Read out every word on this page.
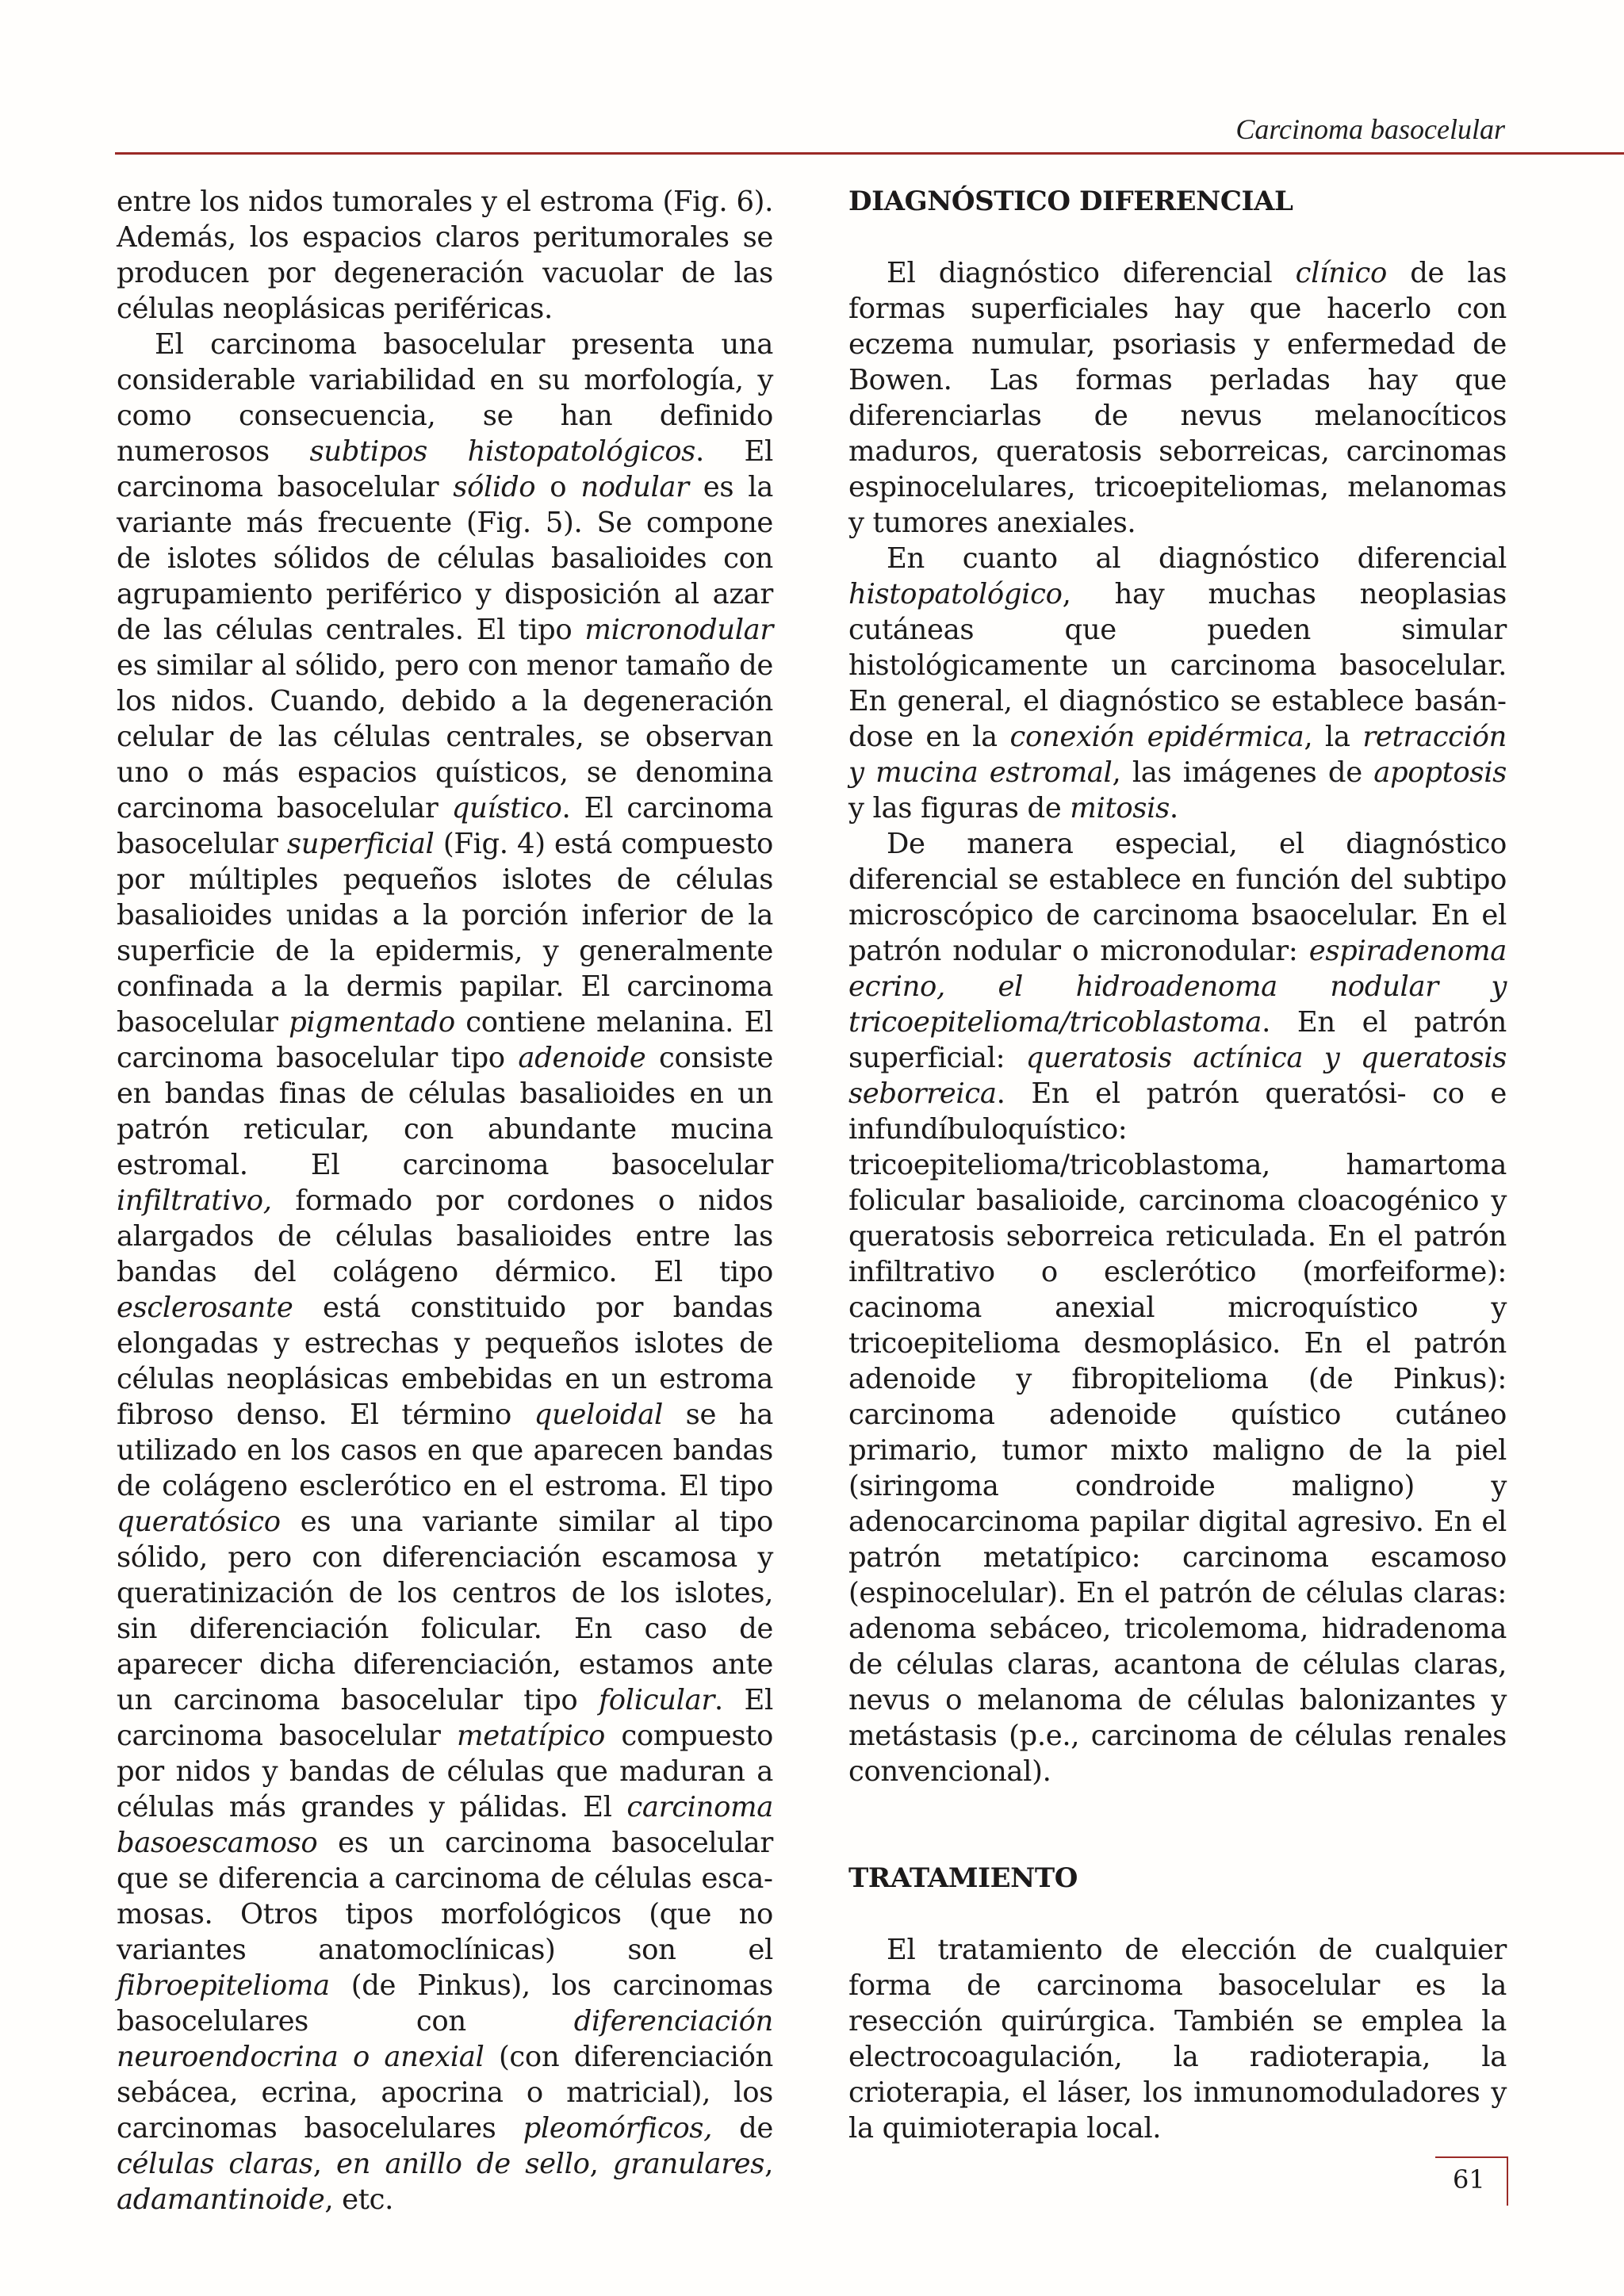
Carcinoma basocelular

entre los nidos tumorales y el estroma (Fig. 6). Además, los espacios claros peritumorales se producen por degeneración vacuolar de las células neoplásicas periféricas.

El carcinoma basocelular presenta una considerable variabilidad en su morfología, y como consecuencia, se han definido numerosos subtipos histopatológicos. El carcinoma basocelular sólido o nodular es la variante más frecuente (Fig. 5). Se compone de islotes sólidos de células basalioides con agrupamiento periférico y disposición al azar de las células centrales. El tipo micronodular es similar al sólido, pero con menor tamaño de los nidos. Cuando, debido a la degeneración celular de las células centrales, se observan uno o más espacios quísticos, se denomina carcinoma basocelular quístico. El carcinoma basocelular superficial (Fig. 4) está compuesto por múltiples pequeños islotes de células basalioides unidas a la porción inferior de la superficie de la epidermis, y generalmente confinada a la dermis papilar. El carcinoma basocelular pigmentado contiene melanina. El carcinoma basocelular tipo adenoide consiste en bandas finas de células basalioides en un patrón reticular, con abundante mucina estromal. El carcinoma basocelular infiltrativo, formado por cordones o nidos alargados de células basalioides entre las bandas del colágeno dérmico. El tipo esclerosante está constituido por bandas elongadas y estrechas y pequeños islotes de células neoplásicas embebidas en un estroma fibroso denso. El término queloidal se ha utilizado en los casos en que aparecen bandas de colágeno esclerótico en el estroma. El tipo queratósico es una variante similar al tipo sólido, pero con diferenciación escamosa y queratinización de los centros de los islotes, sin diferenciación folicular. En caso de aparecer dicha diferenciación, estamos ante un carcinoma basocelular tipo folicular. El carcinoma basocelular metatípico compuesto por nidos y bandas de células que maduran a células más grandes y pálidas. El carcinoma basoescamoso es un carcinoma basocelular que se diferencia a carcinoma de células escamosas. Otros tipos morfológicos (que no variantes anatomoclínicas) son el fibroepitelioma (de Pinkus), los carcinomas basocelulares con diferenciación neuroendocrina o anexial (con diferenciación sebácea, ecrina, apocrina o matricial), los carcinomas basocelulares pleomórficos, de células claras, en anillo de sello, granulares, adamantinoide, etc.

DIAGNÓSTICO DIFERENCIAL

El diagnóstico diferencial clínico de las formas superficiales hay que hacerlo con eczema numular, psoriasis y enfermedad de Bowen. Las formas perladas hay que diferenciarlas de nevus melanocíticos maduros, queratosis seborreicas, carcinomas espinocelulares, tricoepiteliomas, melanomas y tumores anexiales.

En cuanto al diagnóstico diferencial histopatológico, hay muchas neoplasias cutáneas que pueden simular histológicamente un carcinoma basocelular. En general, el diagnóstico se establece basándose en la conexión epidérmica, la retracción y mucina estromal, las imágenes de apoptosis y las figuras de mitosis.

De manera especial, el diagnóstico diferencial se establece en función del subtipo microscópico de carcinoma bsaocelular. En el patrón nodular o micronodular: espiradenoma ecrino, el hidroadenoma nodular y tricoepitelioma/tricoblastoma. En el patrón superficial: queratosis actínica y queratosis seborreica. En el patrón queratósi- co e infundíbuloquístico: tricoepitelioma/tricoblastoma, hamartoma folicular basalioide, carcinoma cloacogénico y queratosis seborreica reticulada. En el patrón infiltrativo o esclerótico (morfeiforme): cacinoma anexial microquístico y tricoepitelioma desmoplásico. En el patrón adenoide y fibropitelioma (de Pinkus): carcinoma adenoide quístico cutáneo primario, tumor mixto maligno de la piel (siringoma condroide maligno) y adenocarcinoma papilar digital agresivo. En el patrón metatípico: carcinoma escamoso (espinocelular). En el patrón de células claras: adenoma sebáceo, tricolemoma, hidradenoma de células claras, acantona de células claras, nevus o melanoma de células balonizantes y metástasis (p.e., carcinoma de células renales convencional).

TRATAMIENTO

El tratamiento de elección de cualquier forma de carcinoma basocelular es la resección quirúrgica. También se emplea la electrocoagulación, la radioterapia, la crioterapia, el láser, los inmunomoduladores y la quimioterapia local.

61
